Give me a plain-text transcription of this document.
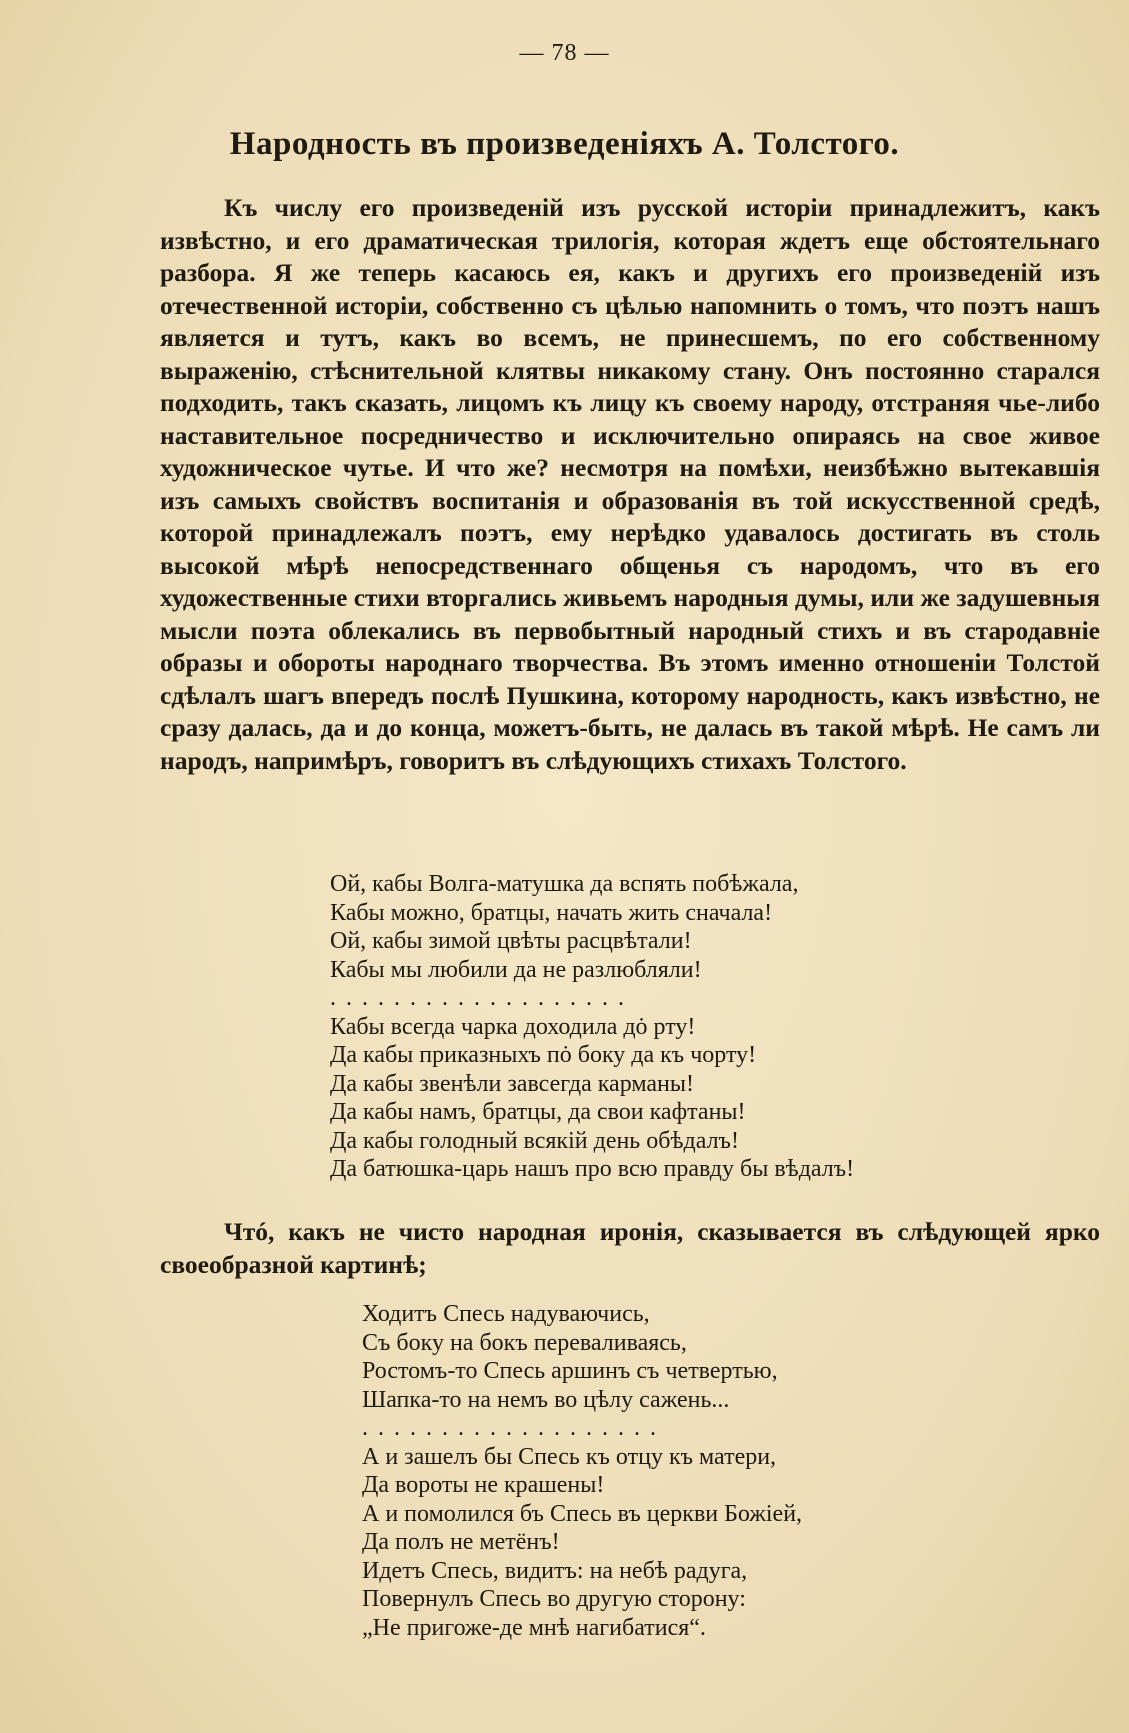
— 78 —
Народность въ произведеніяхъ А. Толстого.

Къ числу его произведеній изъ русской исторіи принадлежитъ, какъ извѣстно, и его драматическая трилогія, которая ждетъ еще обстоятельнаго разбора. Я же теперь касаюсь ея, какъ и другихъ его произведеній изъ отечественной исторіи, собственно съ цѣлью напомнить о томъ, что поэтъ нашъ является и тутъ, какъ во всемъ, не принесшемъ, по его собственному выраженію, стѣснительной клятвы никакому стану. Онъ постоянно старался подходить, такъ сказать, лицомъ къ лицу къ своему народу, отстраняя чье-либо наставительное посредничество и исключительно опираясь на свое живое художническое чутье. И что же? несмотря на помѣхи, неизбѣжно вытекавшія изъ самыхъ свойствъ воспитанія и образованія въ той искусственной средѣ, которой принадлежалъ поэтъ, ему нерѣдко удавалось достигать въ столь высокой мѣрѣ непосредственнаго общенья съ народомъ, что въ его художественные стихи вторгались живьемъ народныя думы, или же задушевныя мысли поэта облекались въ первобытный народный стихъ и въ стародавніе образы и обороты народнаго творчества. Въ этомъ именно отношеніи Толстой сдѣлалъ шагъ впередъ послѣ Пушкина, которому народность, какъ извѣстно, не сразу далась, да и до конца, можетъ-быть, не далась въ такой мѣрѣ. Не самъ ли народъ, напримѣръ, говоритъ въ слѣдующихъ стихахъ Толстого.

Ой, кабы Волга-матушка да вспять побѣжала,
Кабы можно, братцы, начать жить сначала!
Ой, кабы зимой цвѣты расцвѣтали!
Кабы мы любили да не разлюбляли!
. . . . . . . . . . . . . . . . . . .
Кабы всегда чарка доходила дȯ рту!
Да кабы приказныхъ пȯ боку да къ чорту!
Да кабы звенѣли завсегда карманы!
Да кабы намъ, братцы, да свои кафтаны!
Да кабы голодный всякій день обѣдалъ!
Да батюшка-царь нашъ про всю правду бы вѣдалъ!

Чтó, какъ не чисто народная иронія, сказывается въ слѣдующей ярко своеобразной картинѣ;

Ходитъ Спесь надуваючись,
Съ боку на бокъ переваливаясь,
Ростомъ-то Спесь аршинъ съ четвертью,
Шапка-то на немъ во цѣлу сажень...
. . . . . . . . . . . . . . . . . . .
А и зашелъ бы Спесь къ отцу къ матери,
Да вороты не крашены!
А и помолился бъ Спесь въ церкви Божіей,
Да полъ не метёнъ!
Идетъ Спесь, видитъ: на небѣ радуга,
Повернулъ Спесь во другую сторону:
„Не пригоже-де мнѣ нагибатися“.
